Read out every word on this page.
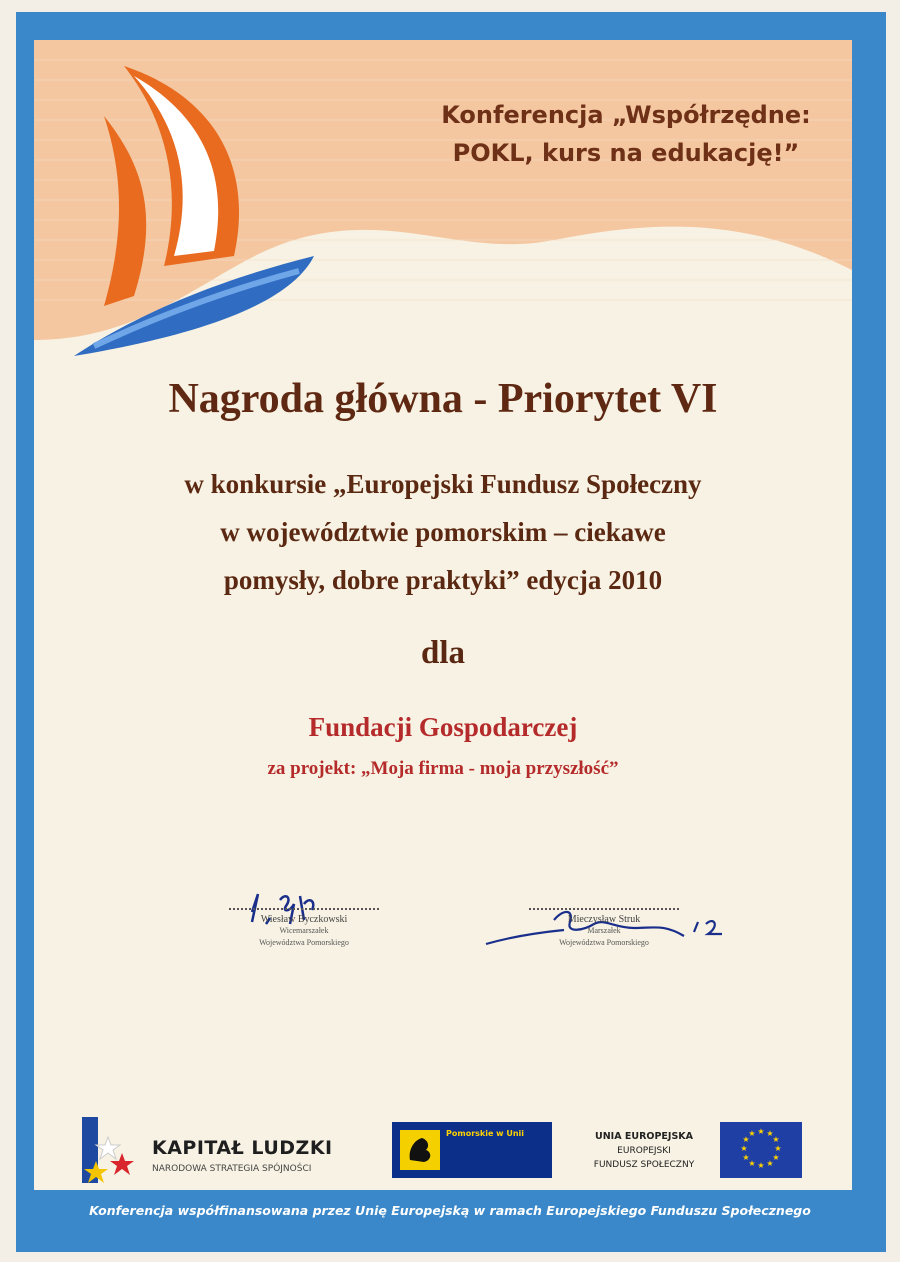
Konferencja „Współrzędne:
POKL, kurs na edukację!”
Nagroda główna - Priorytet VI
w konkursie „Europejski Fundusz Społeczny
w województwie pomorskim – ciekawe
pomysły, dobre praktyki” edycja 2010
dla
Fundacji Gospodarczej
za projekt: „Moja firma - moja przyszłość”
Wiesław Byczkowski
Wicemarszałek
Województwa Pomorskiego
Mieczysław Struk
Marszałek
Województwa Pomorskiego
KAPITAŁ LUDZKI
NARODOWA STRATEGIA SPÓJNOŚCI
Pomorskie w Unii	UNIA EUROPEJSKA
EUROPEJSKI
FUNDUSZ SPOŁECZNY
★ ★
★
★
★
★
★
★
★
★
★
★
Konferencja współfinansowana przez Unię Europejską w ramach Europejskiego Funduszu Społecznego
